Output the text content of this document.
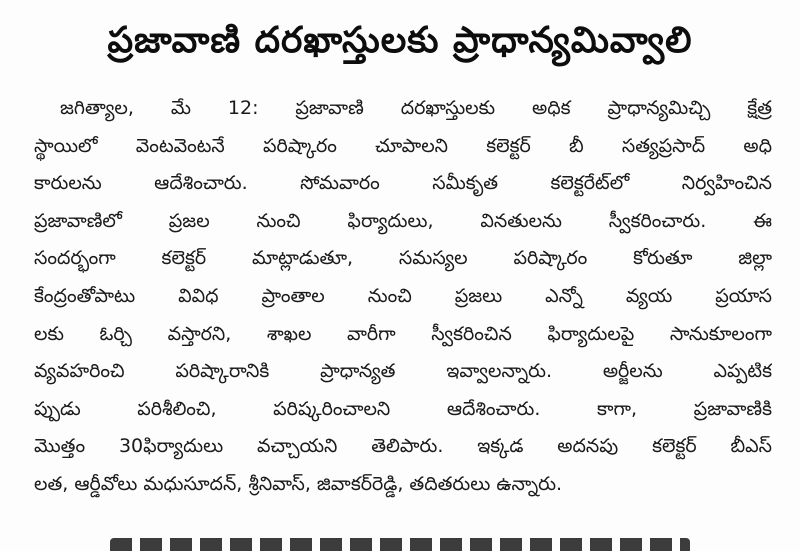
ప్రజావాణి దరఖాస్తులకు ప్రాధాన్యమివ్వాలి
జగిత్యాల, మే 12: ప్రజావాణి దరఖాస్తులకు అధిక ప్రాధాన్యమిచ్చి క్షేత్ర
స్థాయిలో వెంటవెంటనే పరిష్కారం చూపాలని కలెక్టర్ బీ సత్యప్రసాద్ అధి
కారులను ఆదేశించారు. సోమవారం సమీకృత కలెక్టరేట్‌లో నిర్వహించిన
ప్రజావాణిలో ప్రజల నుంచి ఫిర్యాదులు, వినతులను స్వీకరించారు. ఈ
సందర్భంగా కలెక్టర్ మాట్లాడుతూ, సమస్యల పరిష్కారం కోరుతూ జిల్లా
కేంద్రంతోపాటు వివిధ ప్రాంతాల నుంచి ప్రజలు ఎన్నో వ్యయ ప్రయాస
లకు ఓర్చి వస్తారని, శాఖల వారీగా స్వీకరించిన ఫిర్యాదులపై సానుకూలంగా
వ్యవహరించి పరిష్కారానికి ప్రాధాన్యత ఇవ్వాలన్నారు. అర్జీలను ఎప్పటిక
ప్పుడు పరిశీలించి, పరిష్కరించాలని ఆదేశించారు. కాగా, ప్రజావాణికి
మొత్తం 30ఫిర్యాదులు వచ్చాయని తెలిపారు. ఇక్కడ అదనపు కలెక్టర్ బీఎస్
లత, ఆర్డీవోలు మధుసూదన్, శ్రీనివాస్, జివాకర్‌రెడ్డి, తదితరులు ఉన్నారు.
